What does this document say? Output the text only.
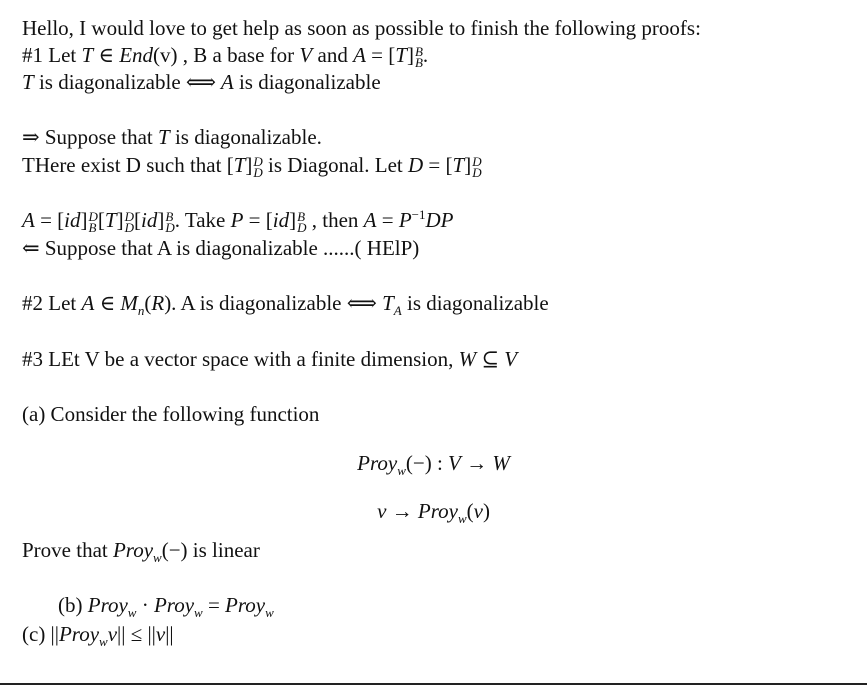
Hello, I would love to get help as soon as possible to finish the following proofs:
#1 Let T ∈ End(v) , B a base for V and A = [T] B
B .
T is diagonalizable ⟺ A is diagonalizable
⇒ Suppose that T is diagonalizable.
THere exist D such that [T] D
D is Diagonal. Let D = [T] D
D
A = [id] D
B [T] D
D [id] B
D . Take P = [id] B
D , then $A = P^{-1}DP$
⇐ Suppose that A is diagonalizable ......( HElP)
#2 Let A ∈ $M_n(R)$. A is diagonalizable ⟺ $T_A$ is diagonalizable
#3 LEt V be a vector space with a finite dimension, W ⊆ V
(a) Consider the following function
Proy$_w$(−) : V → W
v → Proy$_w$(v)
Prove that Proy$_w$(−) is linear
(b) Proy$_w$ · Proy$_w$ = Proy$_w$
(c) ||Proy$_w$v|| ≤ ||v||
